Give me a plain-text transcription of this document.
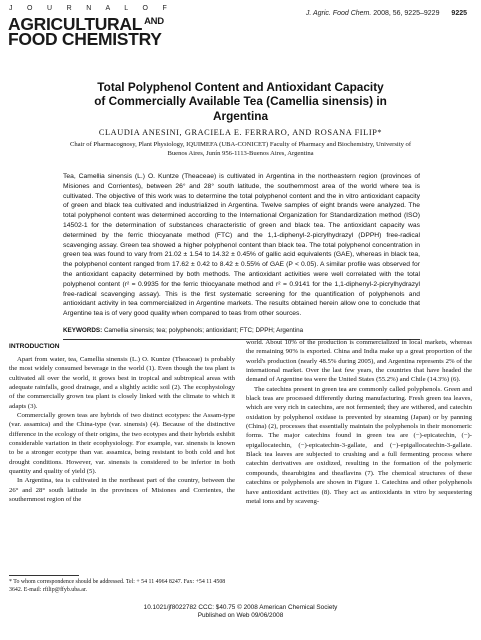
J O U R N A L O F
AGRICULTURAL $^{AND}$
FOOD CHEMISTRY
J. Agric. Food Chem. 2008, 56, 9225–9229 9225
Total Polyphenol Content and Antioxidant Capacity
of Commercially Available Tea (Camellia sinensis) in
Argentina
CLAUDIA ANESINI, GRACIELA E. FERRARO, AND ROSANA FILIP*
Chair of Pharmacognosy, Plant Physiology, IQUIMEFA (UBA-CONICET) Faculty of Pharmacy and Biochemistry, University of Buenos Aires, Junín 956-1113-Buenos Aires, Argentina
Tea, Camellia sinensis (L.) O. Kuntze (Theaceae) is cultivated in Argentina in the northeastern region (provinces of Misiones and Corrientes), between 26° and 28° south latitude, the southernmost area of the world where tea is cultivated. The objective of this work was to determine the total polyphenol content and the in vitro antioxidant capacity of green and black tea cultivated and industrialized in Argentina. Twelve samples of eight brands were analyzed. The total polyphenol content was determined according to the International Organization for Standardization method (ISO) 14502-1 for the determination of substances characteristic of green and black tea. The antioxidant capacity was determined by the ferric thiocyanate method (FTC) and the 1,1-diphenyl-2-picrylhydrazyl (DPPH) free-radical scavenging assay. Green tea showed a higher polyphenol content than black tea. The total polyphenol concentration in green tea was found to vary from 21.02 ± 1.54 to 14.32 ± 0.45% of gallic acid equivalents (GAE), whereas in black tea, the polyphenol content ranged from 17.62 ± 0.42 to 8.42 ± 0.55% of GAE (P < 0.05). A similar profile was observed for the antioxidant capacity determined by both methods. The antioxidant activities were well correlated with the total polyphenol content (r² = 0.9935 for the ferric thiocyanate method and r² = 0.9141 for the 1,1-diphenyl-2-picrylhydrazyl free-radical scavenging assay). This is the first systematic screening for the quantification of polyphenols and antioxidant activity in tea commercialized in Argentine markets. The results obtained herein allow one to conclude that Argentine tea is of very good quality when compared to teas from other sources.
KEYWORDS: Camellia sinensis; tea; polyphenols; antioxidant; FTC; DPPH; Argentina
INTRODUCTION

Apart from water, tea, Camellia sinensis (L.) O. Kuntze (Theaceae) is probably the most widely consumed beverage in the world (1). Even though the tea plant is cultivated all over the world, it grows best in tropical and subtropical areas with adequate rainfalls, good drainage, and a slightly acidic soil (2). The ecophysiology of the commercially grown tea plant is closely linked with the climate to which it adapts (3).

Commercially grown teas are hybrids of two distinct ecotypes: the Assam-type (var. assamica) and the China-type (var. sinensis) (4). Because of the distinctive difference in the ecology of their origins, the two ecotypes and their hybrids exhibit considerable variation in their ecophysiology. For example, var. sinensis is known to be a stronger ecotype than var. assamica, being resistant to both cold and hot drought conditions. However, var. sinensis is considered to be inferior in both quantity and quality of yield (5).

In Argentina, tea is cultivated in the northeast part of the country, between the 26° and 28° south latitude in the provinces of Misiones and Corrientes, the southernmost region of the

world. About 10% of the production is commercialized in local markets, whereas the remaining 90% is exported. China and India make up a great proportion of the world's production (nearly 48.5% during 2005), and Argentina represents 2% of the international market. Over the last few years, the countries that have headed the demand of Argentine tea were the United States (55.2%) and Chile (14.3%) (6).

The catechins present in green tea are commonly called polyphenols. Green and black teas are processed differently during manufacturing. Fresh green tea leaves, which are very rich in catechins, are not fermented; they are withered, and catechin oxidation by polyphenol oxidase is prevented by steaming (Japan) or by panning (China) (2), processes that essentially maintain the polyphenols in their monomeric forms. The major catechins found in green tea are (−)-epicatechin, (−)-epigallocatechin, (−)-epicatechin-3-gallate, and (−)-epigallocatechin-3-gallate. Black tea leaves are subjected to crushing and a full fermenting process where catechin derivatives are oxidized, resulting in the formation of the polymeric compounds, thearubigins and theaflavins (7). The chemical structures of these catechins or polyphenols are shown in Figure 1. Catechins and other polyphenols have antioxidant activities (8). They act as antioxidants in vitro by sequestering metal ions and by scaveng-

* To whom correspondence should be addressed. Tel: + 54 11 4964 8247. Fax: +54 11 4508 3642. E-mail: rfilip@ffyb.uba.ar.
10.1021/jf8022782 CCC: $40.75 © 2008 American Chemical Society
Published on Web 09/06/2008
